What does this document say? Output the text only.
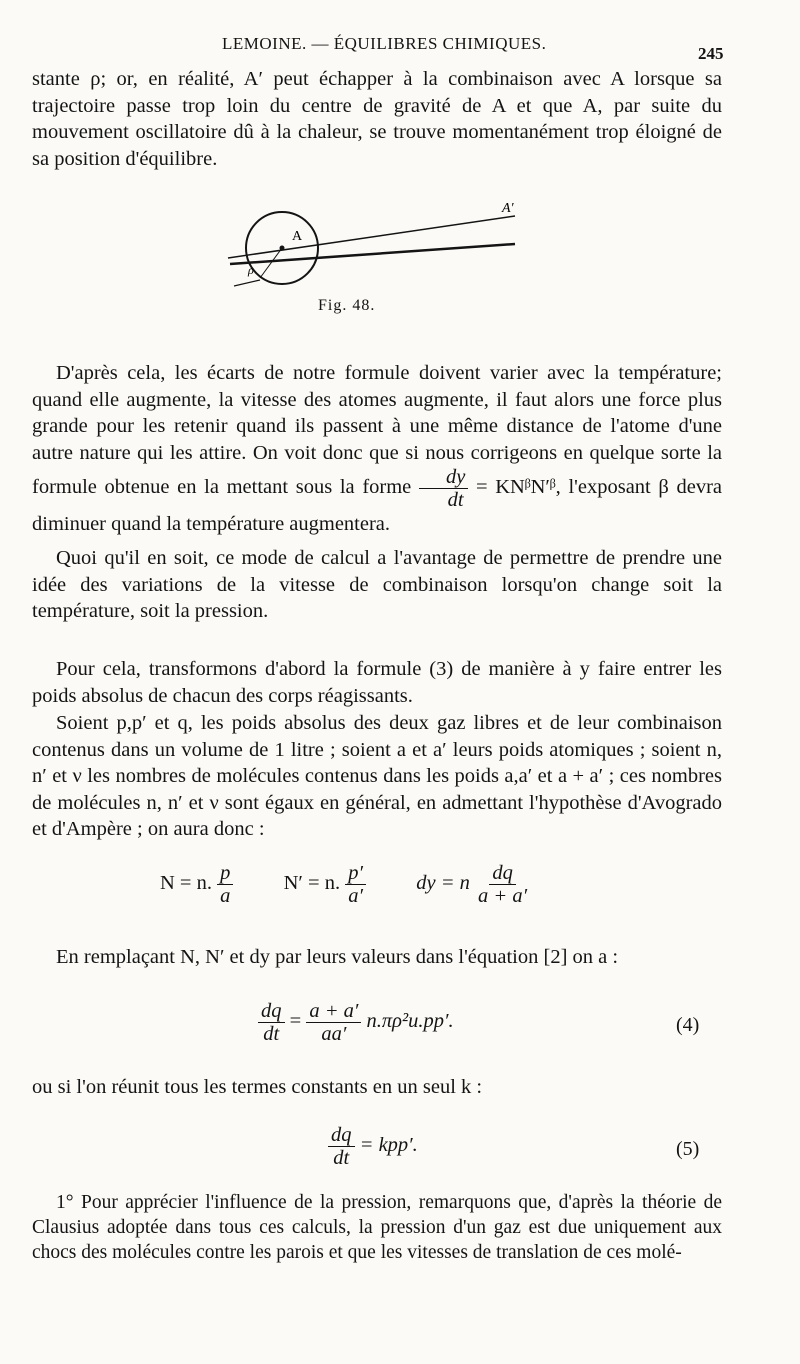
LEMOINE. — ÉQUILIBRES CHIMIQUES.
245

stante ρ; or, en réalité, A′ peut échapper à la combinaison avec A lorsque sa trajectoire passe trop loin du centre de gravité de A et que A, par suite du mouvement oscillatoire dû à la chaleur, se trouve momentanément trop éloigné de sa position d'équilibre.

A
A′
ρ
Fig. 48.

D'après cela, les écarts de notre formule doivent varier avec la température; quand elle augmente, la vitesse des atomes augmente, il faut alors une force plus grande pour les retenir quand ils passent à une même distance de l'atome d'une autre nature qui les attire. On voit donc que si nous corrigeons en quelque sorte la formule obtenue en la mettant sous la forme $\frac{dy}{dt}$ = KNᵝN′ᵝ, l'exposant β devra diminuer quand la température augmentera.

Quoi qu'il en soit, ce mode de calcul a l'avantage de permettre de prendre une idée des variations de la vitesse de combinaison lorsqu'on change soit la température, soit la pression.

Pour cela, transformons d'abord la formule (3) de manière à y faire entrer les poids absolus de chacun des corps réagissants.

Soient p,p′ et q, les poids absolus des deux gaz libres et de leur combinaison contenus dans un volume de 1 litre ; soient a et a′ leurs poids atomiques ; soient n, n′ et ν les nombres de molécules contenus dans les poids a,a′ et a + a′ ; ces nombres de molécules n, n′ et ν sont égaux en général, en admettant l'hypothèse d'Avogrado et d'Ampère ; on aura donc :

N = n. $\frac{p}{a} N' = n$. $\frac{p'}{a'}$ dy = n $\frac{dq}{a + a'}$

En remplaçant N, N′ et dy par leurs valeurs dans l'équation [2] on a :

$\frac{dq}{dt} = \frac{a + a'}{aa'} n.\pi\rho^2u.pp'$.	(4)

ou si l'on réunit tous les termes constants en un seul k :

$\frac{dq}{dt} = kpp'$.	(5)

1° Pour apprécier l'influence de la pression, remarquons que, d'après la théorie de Clausius adoptée dans tous ces calculs, la pression d'un gaz est due uniquement aux chocs des molécules contre les parois et que les vitesses de translation de ces molé-
